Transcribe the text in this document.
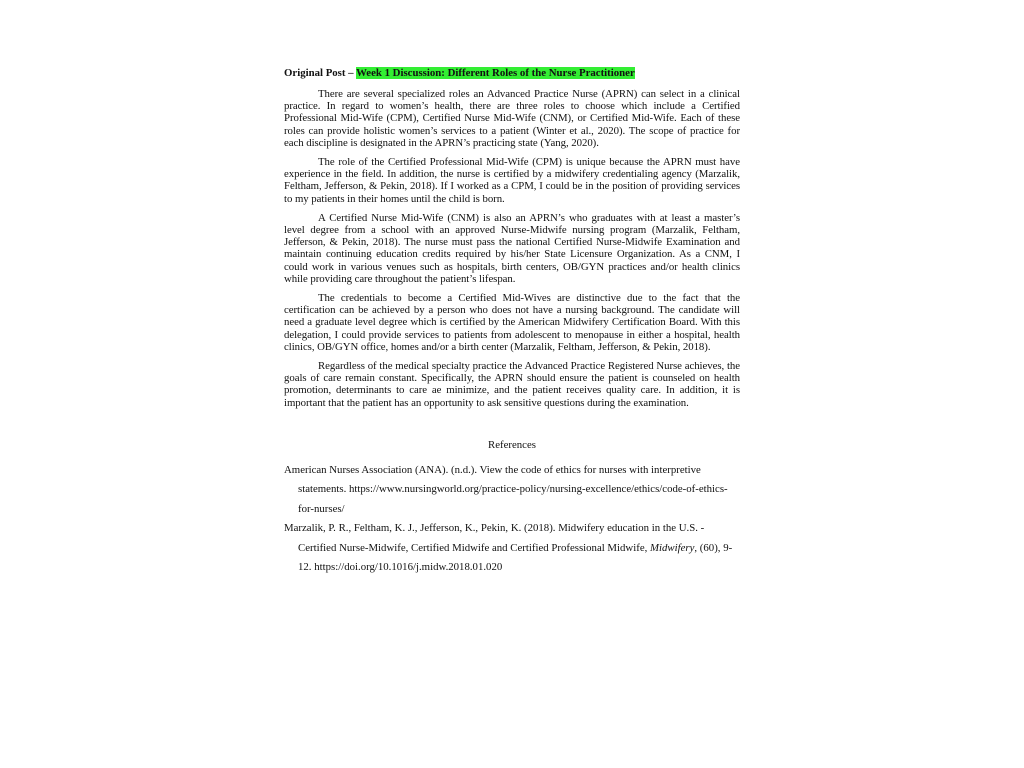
Original Post – Week 1 Discussion: Different Roles of the Nurse Practitioner

There are several specialized roles an Advanced Practice Nurse (APRN) can select in a clinical practice. In regard to women’s health, there are three roles to choose which include a Certified Professional Mid-Wife (CPM), Certified Nurse Mid-Wife (CNM), or Certified Mid-Wife. Each of these roles can provide holistic women’s services to a patient (Winter et al., 2020). The scope of practice for each discipline is designated in the APRN’s practicing state (Yang, 2020).

The role of the Certified Professional Mid-Wife (CPM) is unique because the APRN must have experience in the field. In addition, the nurse is certified by a midwifery credentialing agency (Marzalik, Feltham, Jefferson, & Pekin, 2018). If I worked as a CPM, I could be in the position of providing services to my patients in their homes until the child is born.

A Certified Nurse Mid-Wife (CNM) is also an APRN’s who graduates with at least a master’s level degree from a school with an approved Nurse-Midwife nursing program (Marzalik, Feltham, Jefferson, & Pekin, 2018). The nurse must pass the national Certified Nurse-Midwife Examination and maintain continuing education credits required by his/her State Licensure Organization. As a CNM, I could work in various venues such as hospitals, birth centers, OB/GYN practices and/or health clinics while providing care throughout the patient’s lifespan.

The credentials to become a Certified Mid-Wives are distinctive due to the fact that the certification can be achieved by a person who does not have a nursing background. The candidate will need a graduate level degree which is certified by the American Midwifery Certification Board. With this delegation, I could provide services to patients from adolescent to menopause in either a hospital, health clinics, OB/GYN office, homes and/or a birth center (Marzalik, Feltham, Jefferson, & Pekin, 2018).

Regardless of the medical specialty practice the Advanced Practice Registered Nurse achieves, the goals of care remain constant. Specifically, the APRN should ensure the patient is counseled on health promotion, determinants to care ae minimize, and the patient receives quality care. In addition, it is important that the patient has an opportunity to ask sensitive questions during the examination.

References

American Nurses Association (ANA). (n.d.). View the code of ethics for nurses with interpretive statements. https://www.nursingworld.org/practice-policy/nursing-excellence/ethics/code-of-ethics-for-nurses/

Marzalik, P. R., Feltham, K. J., Jefferson, K., Pekin, K. (2018). Midwifery education in the U.S. - Certified Nurse-Midwife, Certified Midwife and Certified Professional Midwife, Midwifery, (60), 9-12. https://doi.org/10.1016/j.midw.2018.01.020
